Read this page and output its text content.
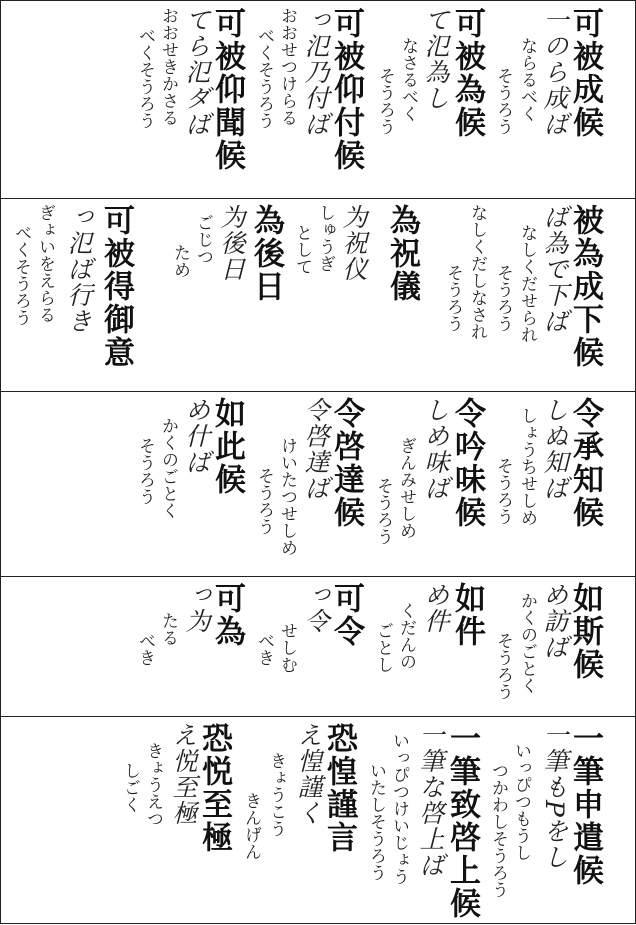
可被成候
一のら成ば
ならるべく
そうろう
可被為候
て氾為し
なさるべく
そうろう
可被仰付候
っ氾乃付ば
おおせつけらる
べくそうろう
可被仰聞候
てら氾ダば
おおせきかさる
べくそうろう
被為成下候
ば為で下ば
なしくだせられ
そうろう
なしくだしなされ
そうろう
為祝儀
为祝仪
しゅうぎ
として
為後日
为後日
ごじつ
ため
可被得御意
っ氾ば行き
ぎょいをえらる
べくそうろう
令承知候
しぬ知ば
しょうちせしめ
そうろう
令吟味候
しめ味ば
ぎんみせしめ
そうろう
令啓達候
令啓達ば
けいたつせしめ
そうろう
如此候
め什ば
かくのごとく
そうろう
如斯候
め訪ば
かくのごとく
そうろう
如件
め件
くだんの
ごとし
可令
っ令
せしむ
べき
可為
っ为
たる
べき
一筆申遣候
一筆もPをし
いっぴつもうし
つかわしそうろう
一筆致啓上候
一筆な啓上ば
いっぴつけいじょう
いたしそうろう
恐惶謹言
え惶謹く
きょうこう
きんげん
恐悦至極
え悦至極
きょうえつ
しごく
